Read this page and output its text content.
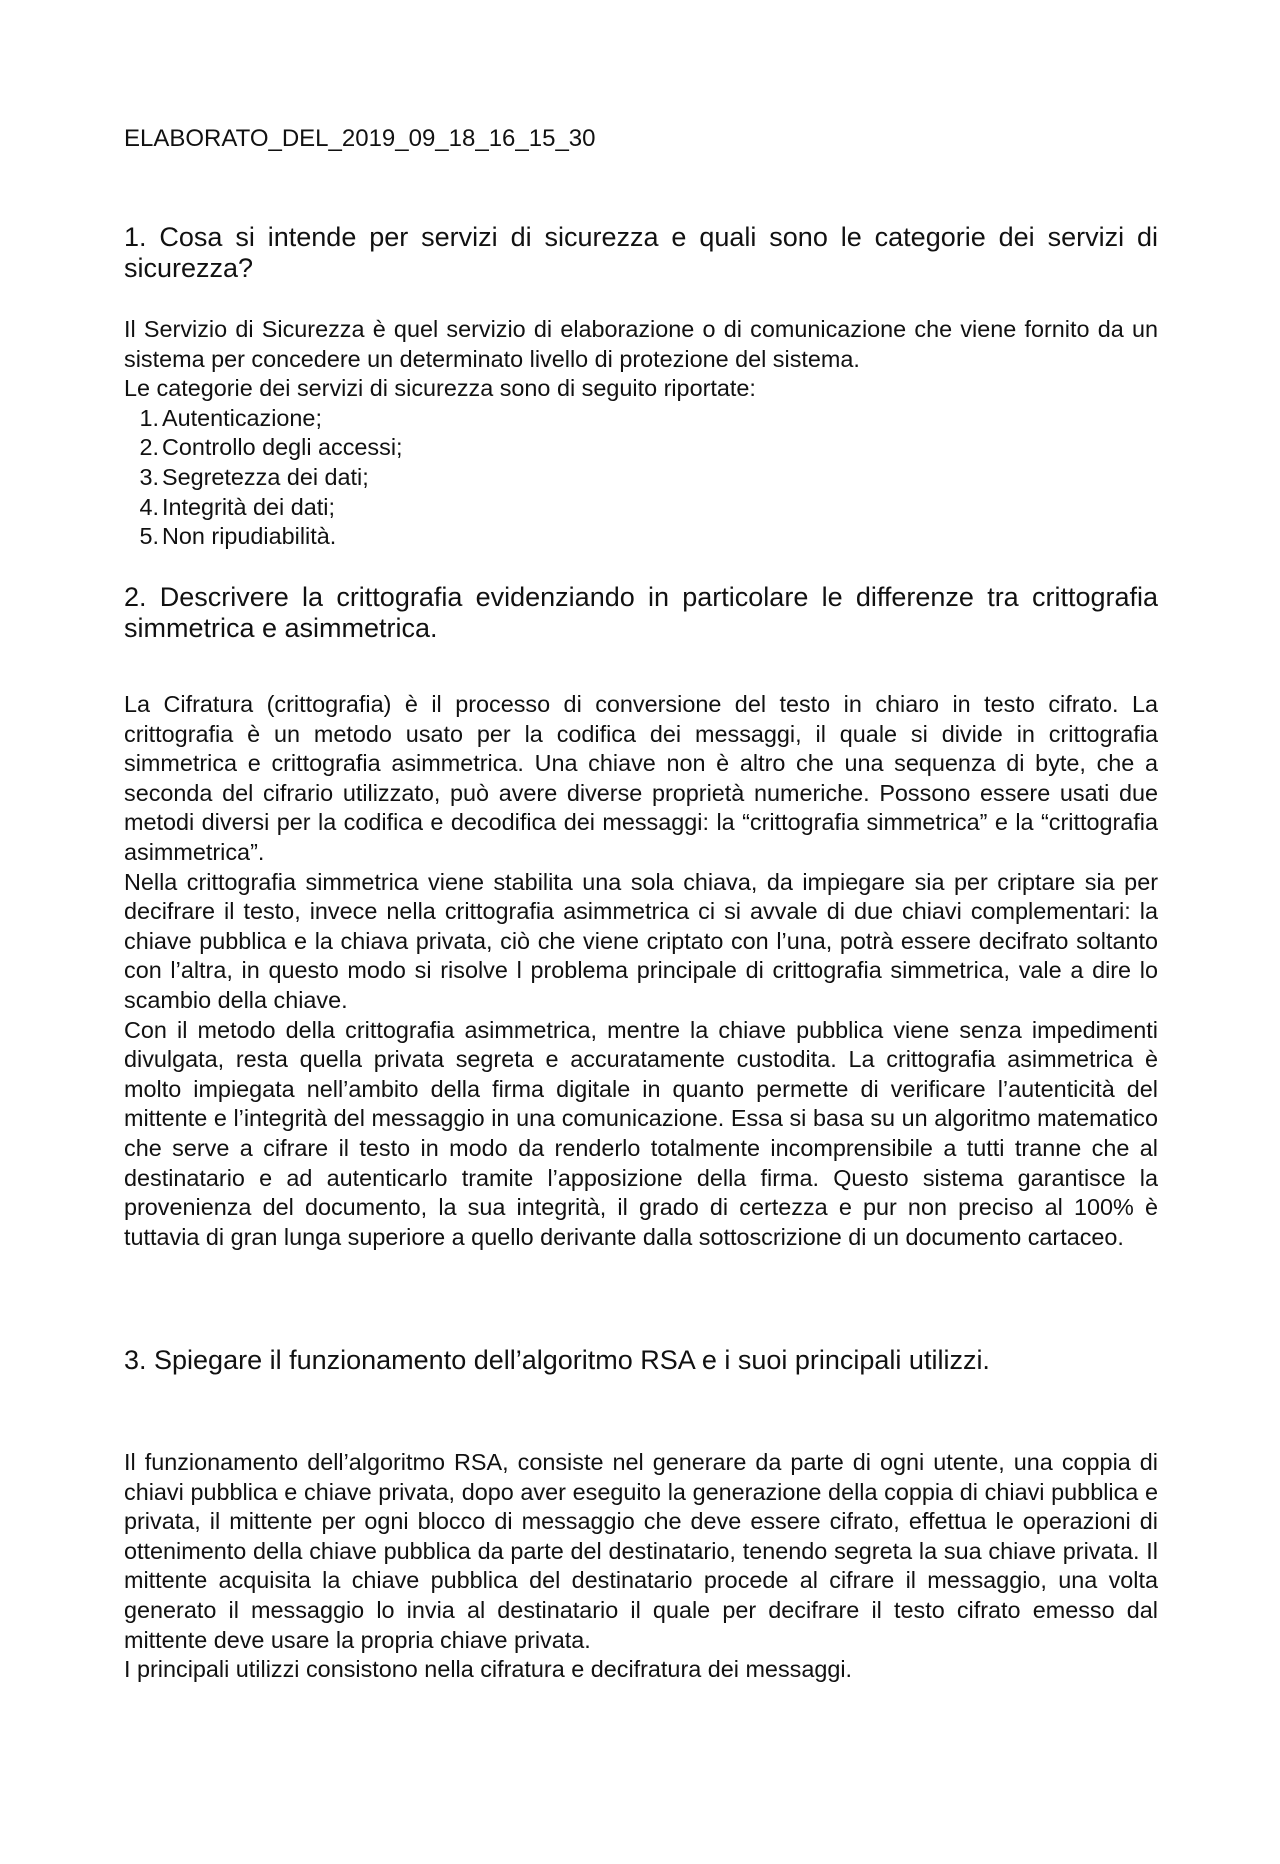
ELABORATO_DEL_2019_09_18_16_15_30
1. Cosa si intende per servizi di sicurezza e quali sono le categorie dei servizi di sicurezza?

Il Servizio di Sicurezza è quel servizio di elaborazione o di comunicazione che viene fornito da un sistema per concedere un determinato livello di protezione del sistema.

Le categorie dei servizi di sicurezza sono di seguito riportate:

1. Autenticazione;
2. Controllo degli accessi;
3. Segretezza dei dati;
4. Integrità dei dati;
5. Non ripudiabilità.
2. Descrivere la crittografia evidenziando in particolare le differenze tra crittografia simmetrica e asimmetrica.

La Cifratura (crittografia) è il processo di conversione del testo in chiaro in testo cifrato. La crittografia è un metodo usato per la codifica dei messaggi, il quale si divide in crittografia simmetrica e crittografia asimmetrica. Una chiave non è altro che una sequenza di byte, che a seconda del cifrario utilizzato, può avere diverse proprietà numeriche. Possono essere usati due metodi diversi per la codifica e decodifica dei messaggi: la “crittografia simmetrica” e la “crittografia asimmetrica”.

Nella crittografia simmetrica viene stabilita una sola chiava, da impiegare sia per criptare sia per decifrare il testo, invece nella crittografia asimmetrica ci si avvale di due chiavi complementari: la chiave pubblica e la chiava privata, ciò che viene criptato con l’una, potrà essere decifrato soltanto con l’altra, in questo modo si risolve l problema principale di crittografia simmetrica, vale a dire lo scambio della chiave.

Con il metodo della crittografia asimmetrica, mentre la chiave pubblica viene senza impedimenti divulgata, resta quella privata segreta e accuratamente custodita. La crittografia asimmetrica è molto impiegata nell’ambito della firma digitale in quanto permette di verificare l’autenticità del mittente e l’integrità del messaggio in una comunicazione. Essa si basa su un algoritmo matematico che serve a cifrare il testo in modo da renderlo totalmente incomprensibile a tutti tranne che al destinatario e ad autenticarlo tramite l’apposizione della firma. Questo sistema garantisce la provenienza del documento, la sua integrità, il grado di certezza e pur non preciso al 100% è tuttavia di gran lunga superiore a quello derivante dalla sottoscrizione di un documento cartaceo.

3. Spiegare il funzionamento dell’algoritmo RSA e i suoi principali utilizzi.

Il funzionamento dell’algoritmo RSA, consiste nel generare da parte di ogni utente, una coppia di chiavi pubblica e chiave privata, dopo aver eseguito la generazione della coppia di chiavi pubblica e privata, il mittente per ogni blocco di messaggio che deve essere cifrato, effettua le operazioni di ottenimento della chiave pubblica da parte del destinatario, tenendo segreta la sua chiave privata. Il mittente acquisita la chiave pubblica del destinatario procede al cifrare il messaggio, una volta generato il messaggio lo invia al destinatario il quale per decifrare il testo cifrato emesso dal mittente deve usare la propria chiave privata.

I principali utilizzi consistono nella cifratura e decifratura dei messaggi.
